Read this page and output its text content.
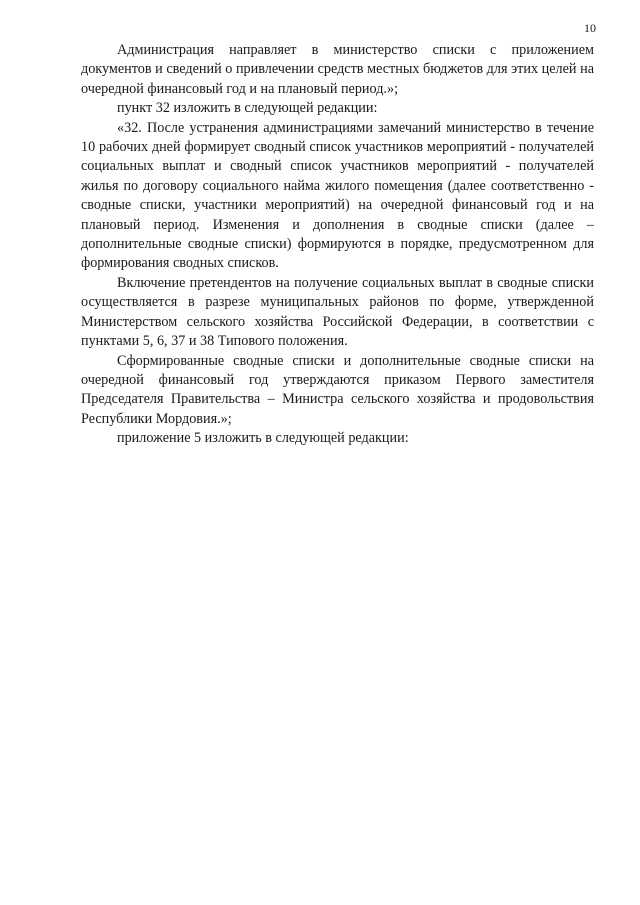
10

Администрация направляет в министерство списки с приложением документов и сведений о привлечении средств местных бюджетов для этих целей на очередной финансовый год и на плановый период.»;

пункт 32 изложить в следующей редакции:

«32. После устранения администрациями замечаний министерство в течение 10 рабочих дней формирует сводный список участников мероприятий - получателей социальных выплат и сводный список участников мероприятий - получателей жилья по договору социального найма жилого помещения (далее соответственно - сводные списки, участники мероприятий) на очередной финансовый год и на плановый период. Изменения и дополнения в сводные списки (далее – дополнительные сводные списки) формируются в порядке, предусмотренном для формирования сводных списков.

Включение претендентов на получение социальных выплат в сводные списки осуществляется в разрезе муниципальных районов по форме, утвержденной Министерством сельского хозяйства Российской Федерации, в соответствии с пунктами 5, 6, 37 и 38 Типового положения.

Сформированные сводные списки и дополнительные сводные списки на очередной финансовый год утверждаются приказом Первого заместителя Председателя Правительства – Министра сельского хозяйства и продовольствия Республики Мордовия.»;

приложение 5 изложить в следующей редакции:
